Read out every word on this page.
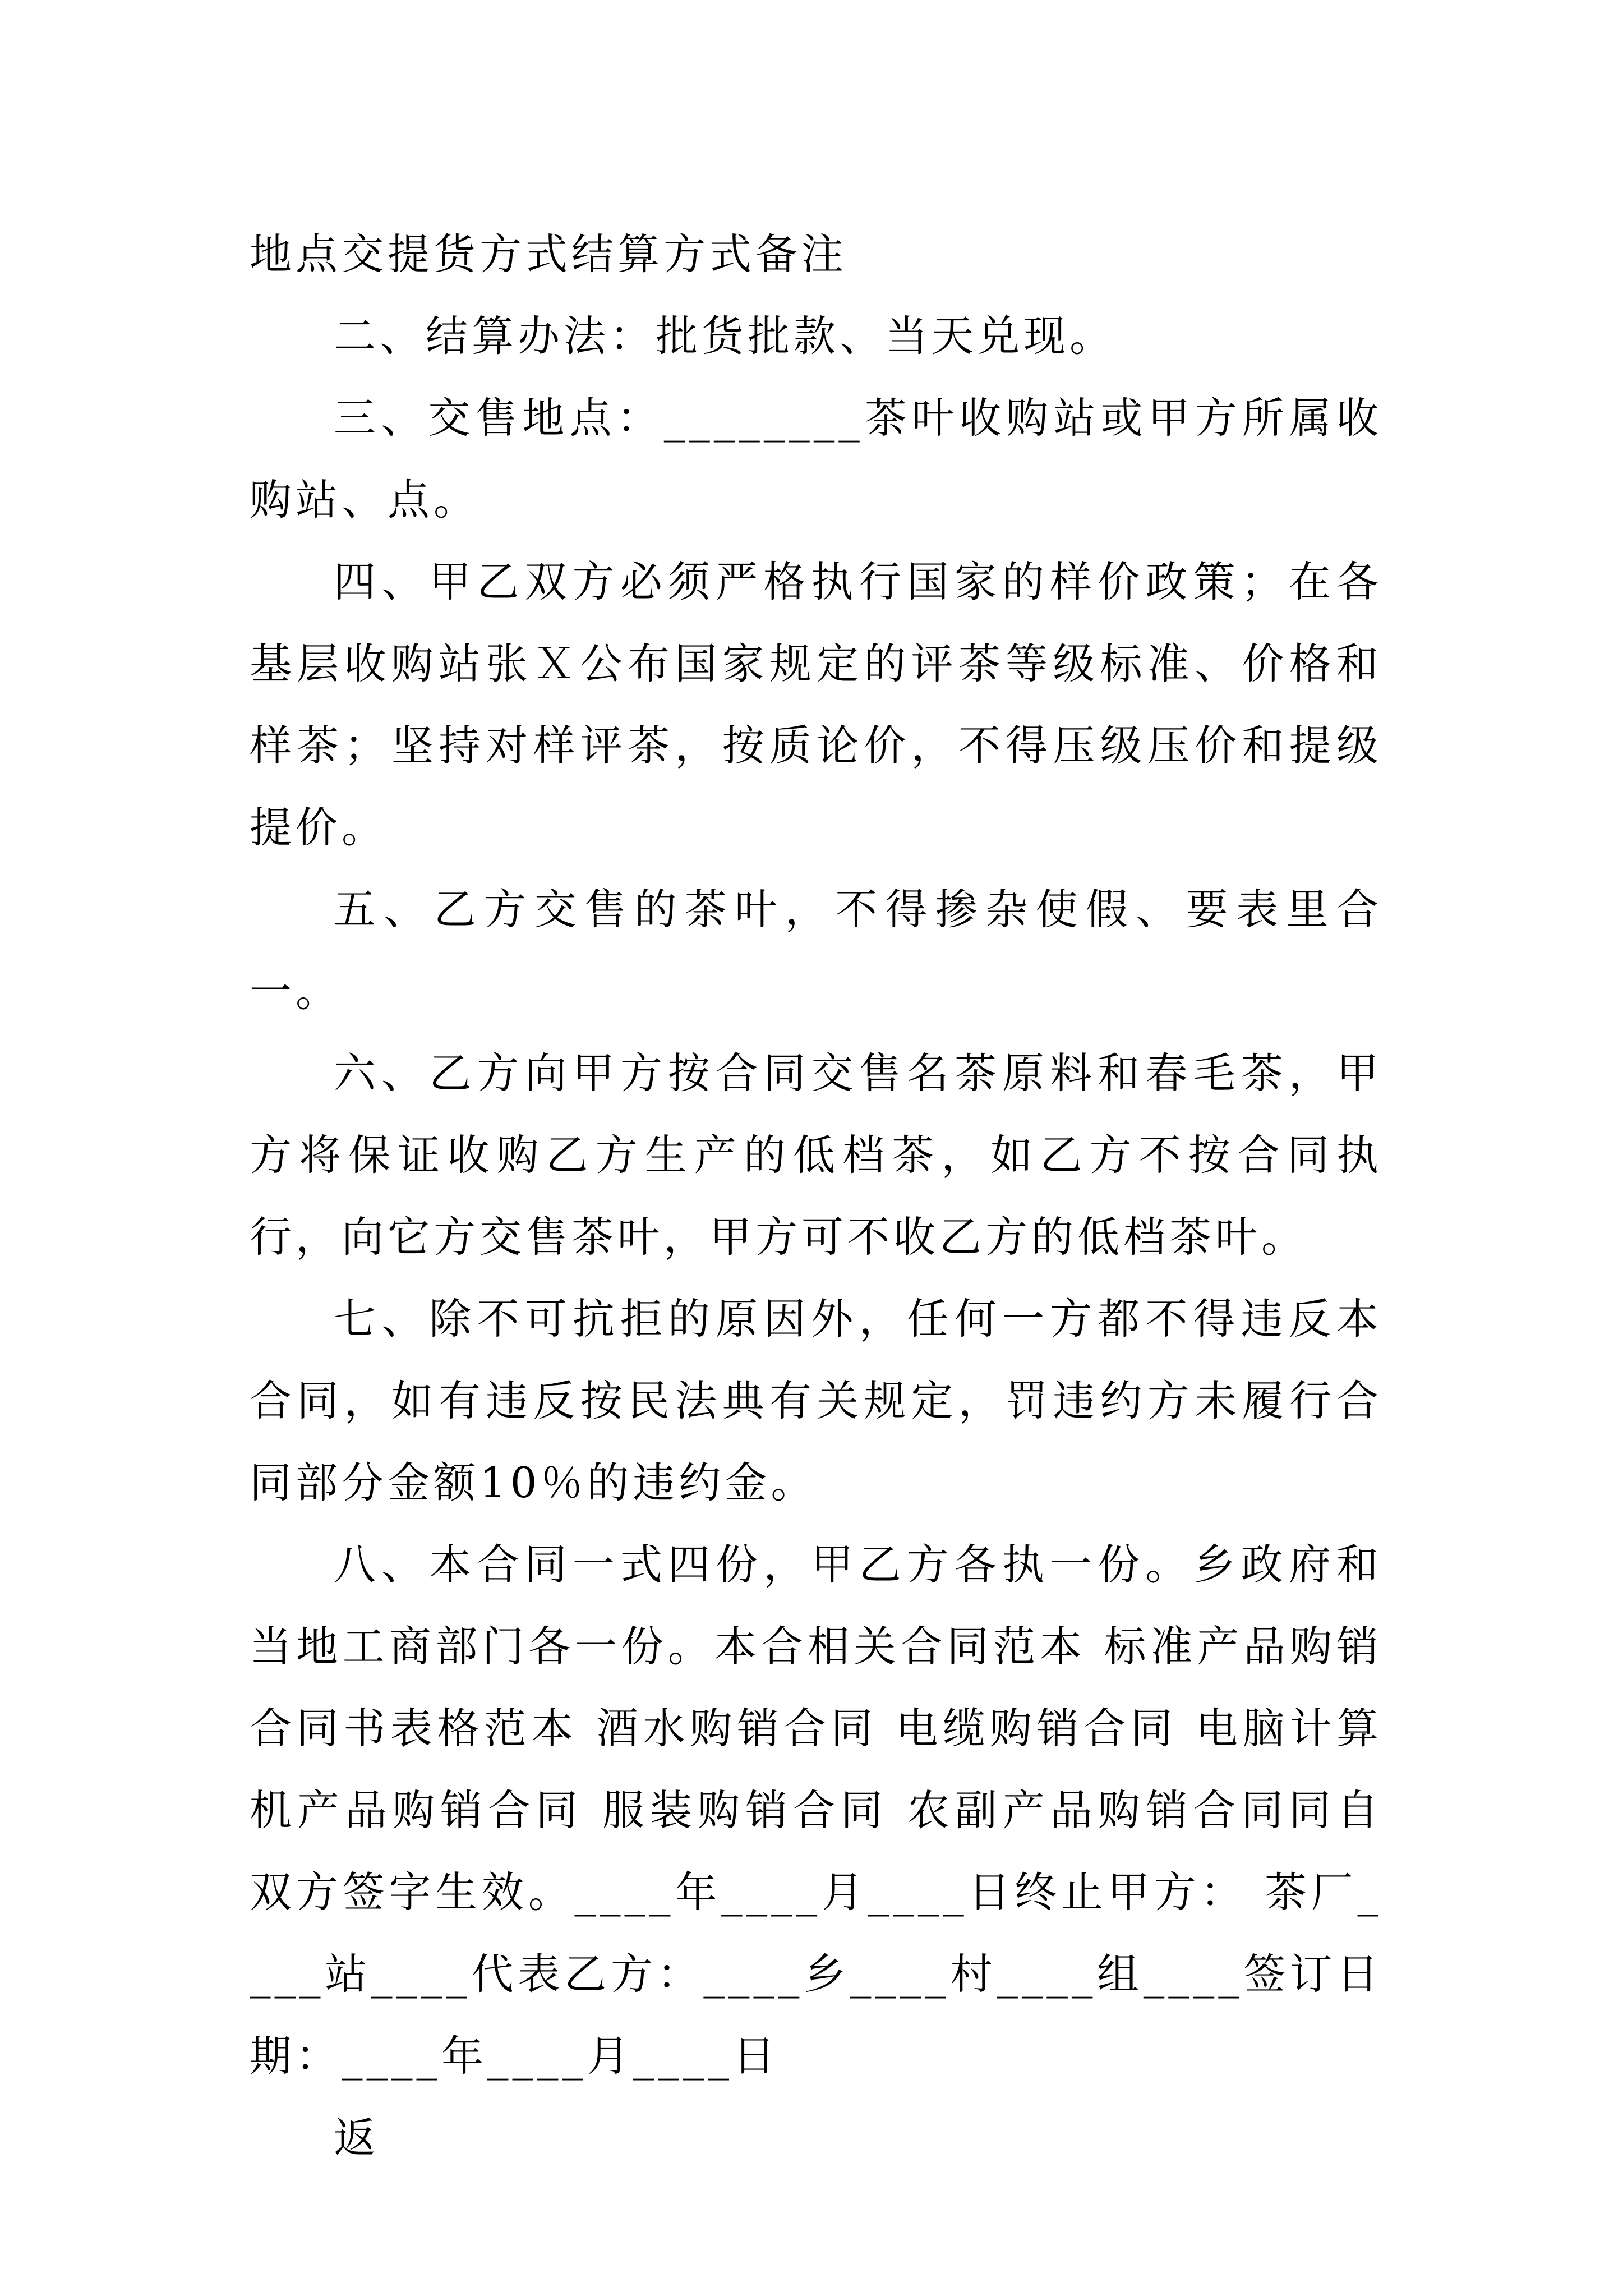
地点交提货方式结算方式备注

二、结算办法：批货批款、当天兑现。

三、交售地点：________茶叶收购站或甲方所属收购站、点。

四、甲乙双方必须严格执行国家的样价政策；在各基层收购站张Ｘ公布国家规定的评茶等级标准、价格和样茶；坚持对样评茶，按质论价，不得压级压价和提级提价。

五、乙方交售的茶叶，不得掺杂使假、要表里合一。

六、乙方向甲方按合同交售名茶原料和春毛茶，甲方将保证收购乙方生产的低档茶，如乙方不按合同执行，向它方交售茶叶，甲方可不收乙方的低档茶叶。

七、除不可抗拒的原因外，任何一方都不得违反本合同，如有违反按民法典有关规定，罚违约方未履行合同部分金额10％的违约金。

八、本合同一式四份，甲乙方各执一份。乡政府和当地工商部门各一份。本合相关合同范本 标准产品购销合同书表格范本 酒水购销合同 电缆购销合同 电脑计算机产品购销合同 服装购销合同 农副产品购销合同同自双方签字生效。____年____月____日终止甲方： 茶厂____站____代表乙方：____乡____村____组____签订日期：____年____月____日

返
